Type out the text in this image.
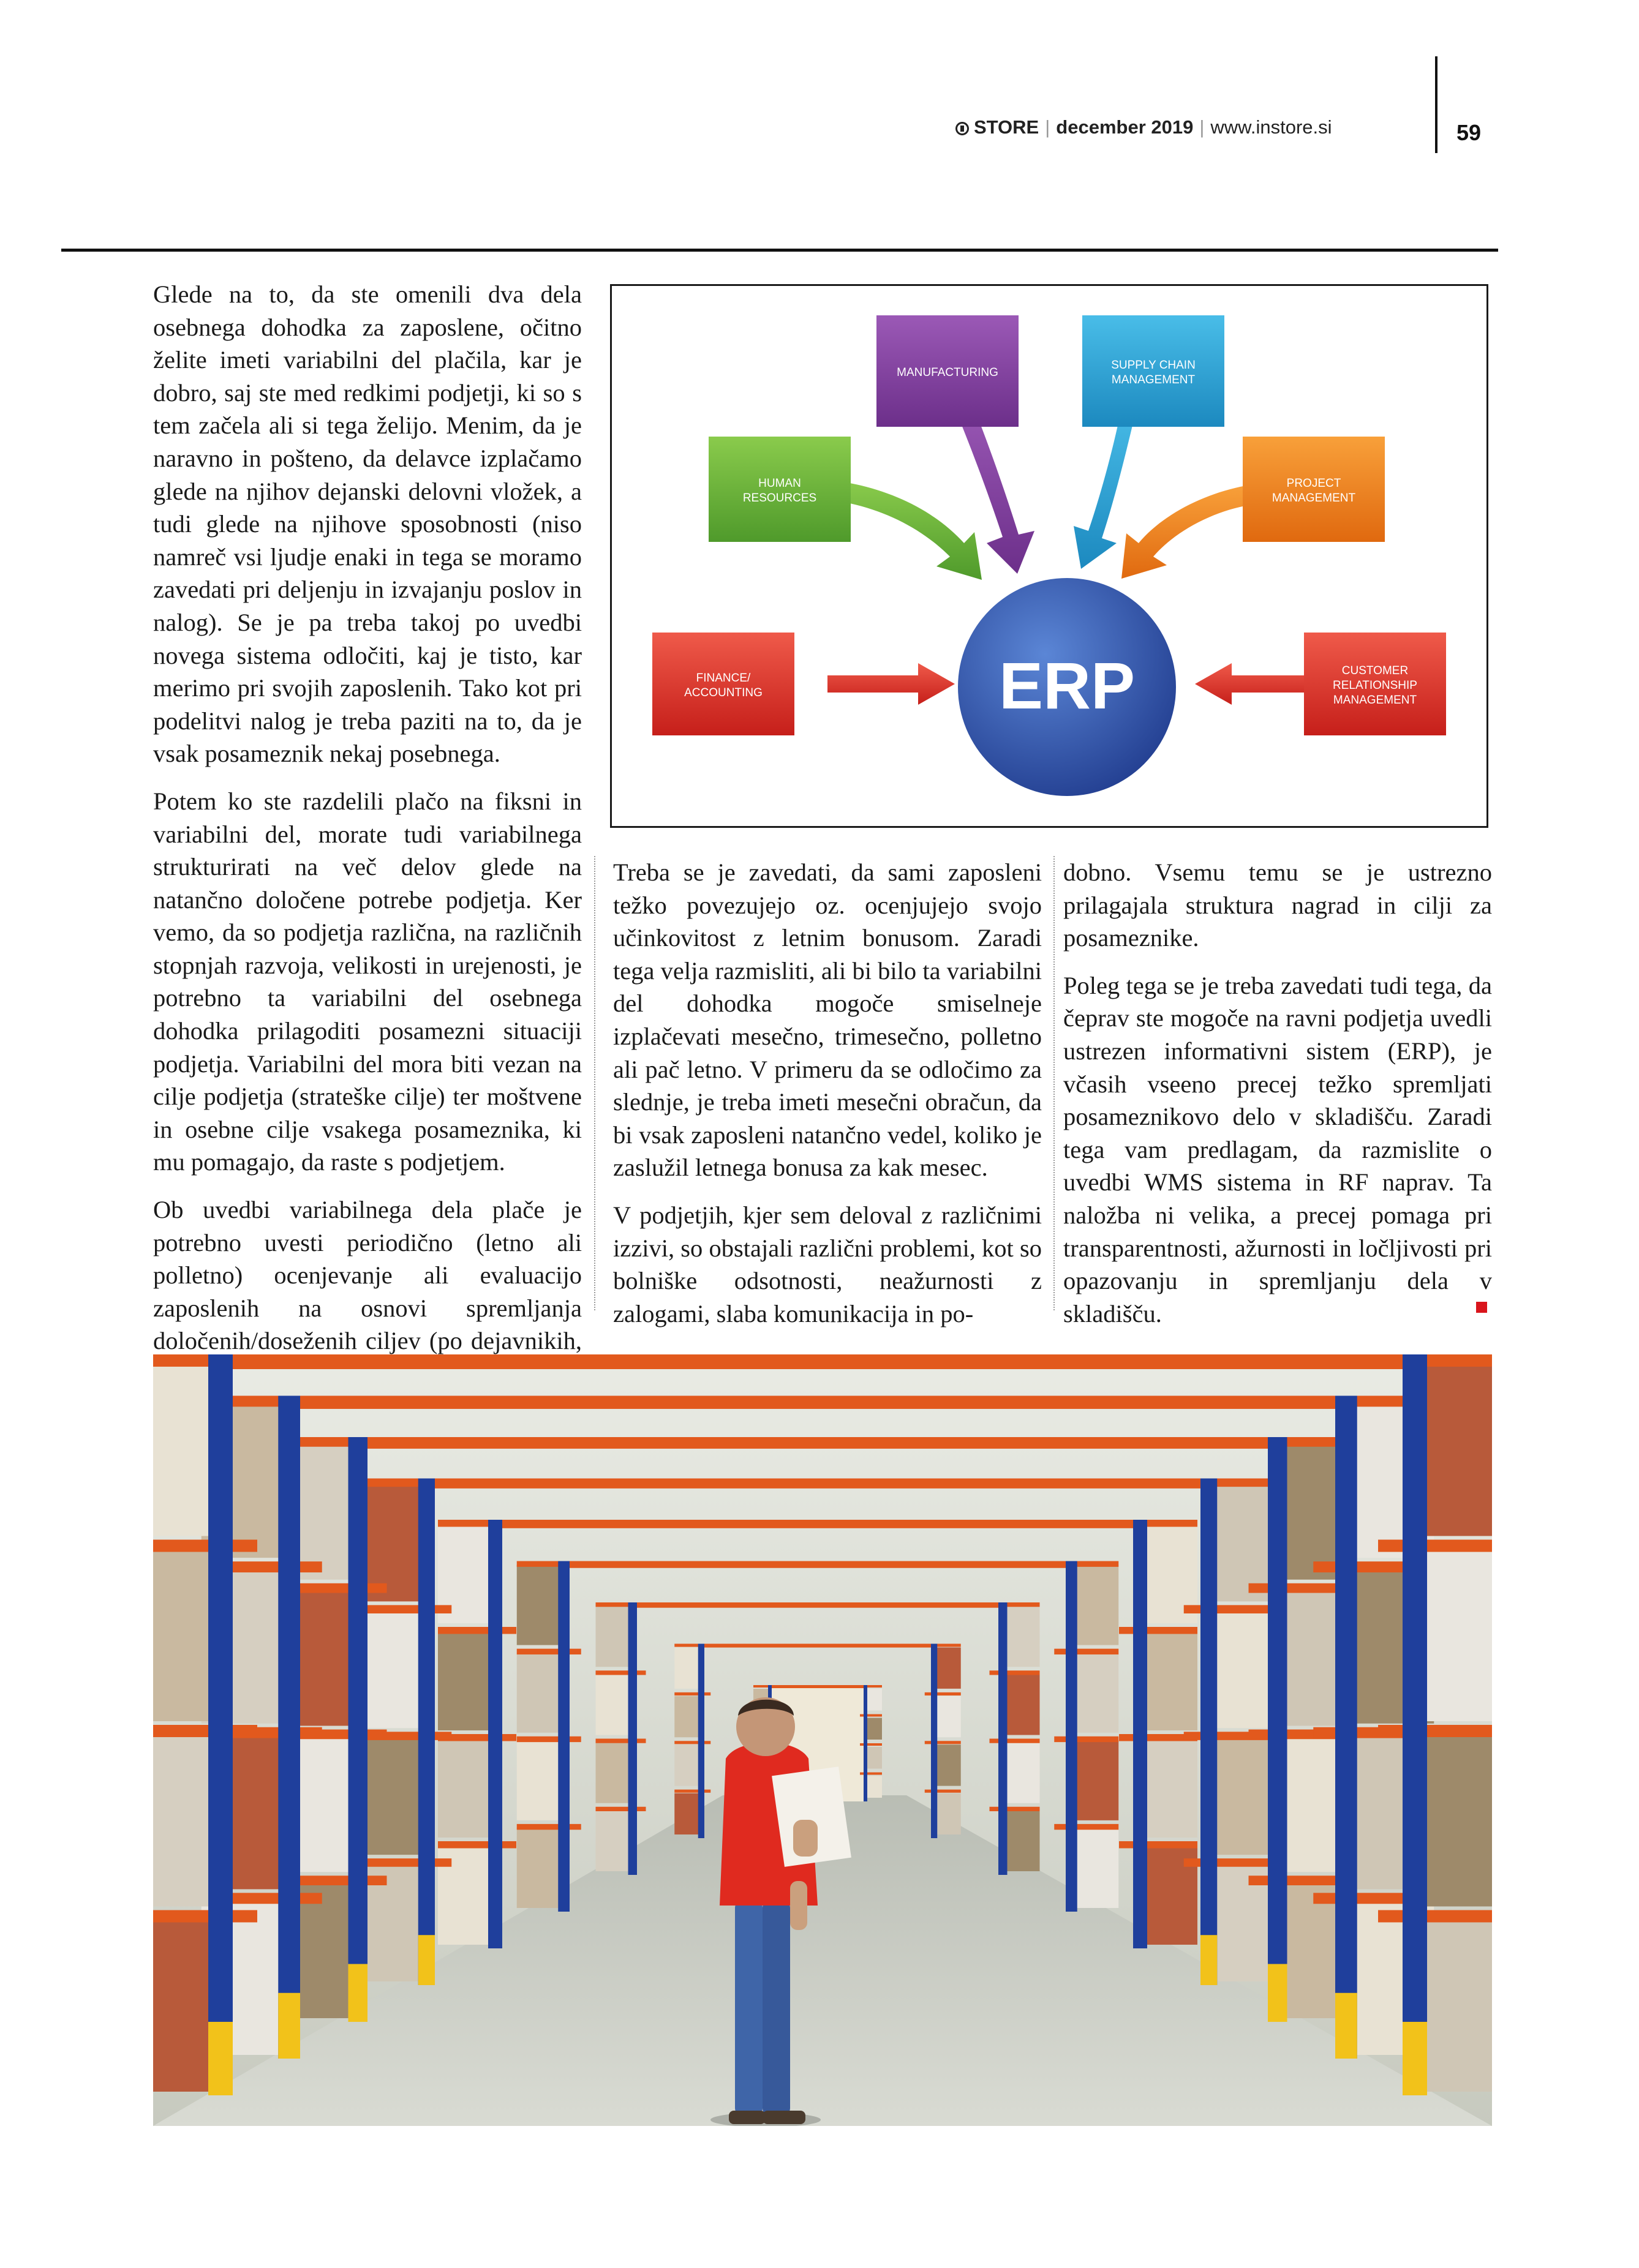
STORE | december 2019 | www.instore.si	59

Glede na to, da ste omenili dva dela osebnega dohodka za zaposlene, očitno želite imeti variabilni del plačila, kar je dobro, saj ste med redkimi podjetji, ki so s tem začela ali si tega želijo. Menim, da je naravno in pošteno, da delavce izplačamo glede na njihov dejanski delovni vložek, a tudi glede na njihove sposobnosti (niso namreč vsi ljudje enaki in tega se moramo zavedati pri deljenju in izvajanju poslov in nalog). Se je pa treba takoj po uvedbi novega sistema odločiti, kaj je tisto, kar merimo pri svojih zaposlenih. Tako kot pri podelitvi nalog je treba paziti na to, da je vsak posameznik nekaj posebnega.

Potem ko ste razdelili plačo na fiksni in variabilni del, morate tudi variabilnega strukturirati na več delov glede na natančno določene potrebe podjetja. Ker vemo, da so podjetja različna, na različnih stopnjah razvoja, velikosti in urejenosti, je potrebno ta variabilni del osebnega dohodka prilagoditi posamezni situaciji podjetja. Variabilni del mora biti vezan na cilje podjetja (strateške cilje) ter moštvene in osebne cilje vsakega posameznika, ki mu pomagajo, da raste s podjetjem.

Ob uvedbi variabilnega dela plače je potrebno uvesti periodično (letno ali polletno) ocenjevanje ali evaluacijo zaposlenih na osnovi spremljanja določenih/doseženih ciljev (po dejavnikih,

ERP
MANUFACTURING
SUPPLY CHAIN
MANAGEMENT
HUMAN
RESOURCES
PROJECT
MANAGEMENT
FINANCE/
ACCOUNTING
CUSTOMER
RELATIONSHIP
MANAGEMENT

Treba se je zavedati, da sami zaposleni težko povezujejo oz. ocenjujejo svojo učinkovitost z letnim bonusom. Zaradi tega velja razmisliti, ali bi bilo ta variabilni del dohodka mogoče smiselneje izplačevati mesečno, trimesečno, polletno ali pač letno. V primeru da se odločimo za slednje, je treba imeti mesečni obračun, da bi vsak zaposleni natančno vedel, koliko je zaslužil letnega bonusa za kak mesec.

V podjetjih, kjer sem deloval z različnimi izzivi, so obstajali različni problemi, kot so bolniške odsotnosti, neažurnosti z zalogami, slaba komunikacija in po-

dobno. Vsemu temu se je ustrezno prilagajala struktura nagrad in cilji za posameznike.

Poleg tega se je treba zavedati tudi tega, da čeprav ste mogoče na ravni podjetja uvedli ustrezen informativni sistem (ERP), je včasih vseeno precej težko spremljati posameznikovo delo v skladišču. Zaradi tega vam predlagam, da razmislite o uvedbi WMS sistema in RF naprav. Ta naložba ni velika, a precej pomaga pri transparentnosti, ažurnosti in ločljivosti pri opazovanju in spremljanju dela v skladišču.
